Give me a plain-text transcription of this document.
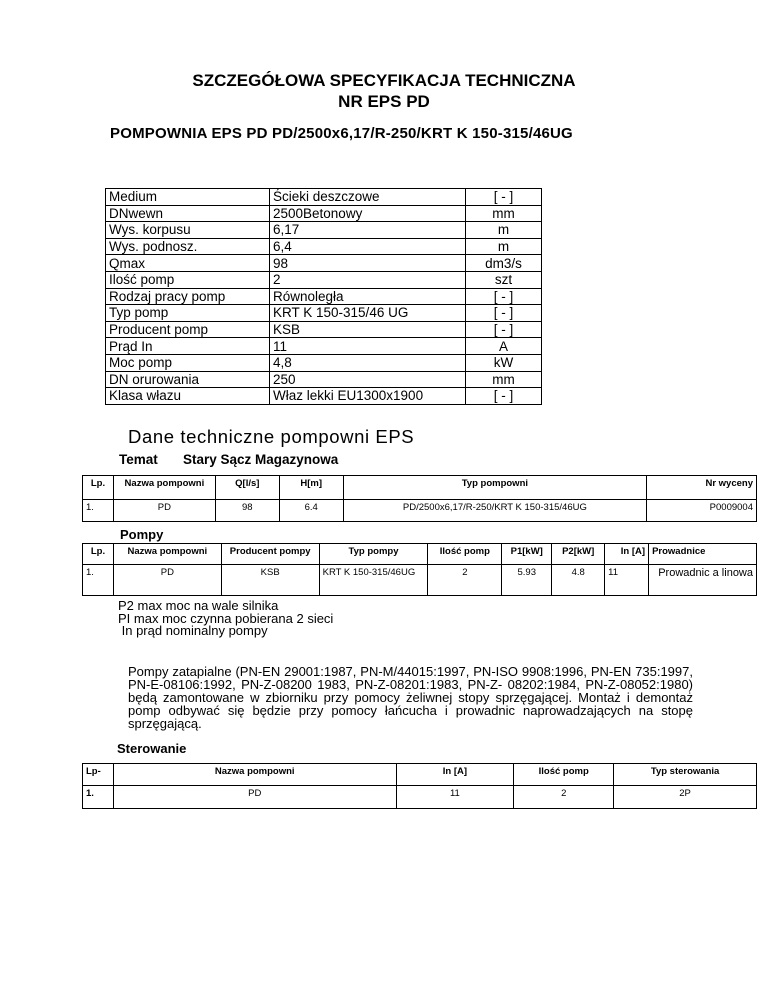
SZCZEGÓŁOWA SPECYFIKACJA TECHNICZNA
NR EPS PD
POMPOWNIA EPS PD PD/2500x6,17/R-250/KRT K 150-315/46UG
Medium	Ścieki deszczowe	[ - ]
DNwewn	2500Betonowy	mm
Wys. korpusu	6,17	m
Wys. podnosz.	6,4	m
Qmax	98	dm3/s
Ilość pomp	2	szt
Rodzaj pracy pomp	Równoległa	[ - ]
Typ pomp	KRT K 150-315/46 UG	[ - ]
Producent pomp	KSB	[ - ]
Prąd In	11	A
Moc pomp	4,8	kW
DN orurowania	250	mm
Klasa włazu	Właz lekki EU1300x1900	[ - ]
Dane techniczne pompowni EPS
Temat Stary Sącz Magazynowa
Lp.	Nazwa pompowni	Q[l/s]	H[m]	Typ pompowni	Nr wyceny
1.	PD	98	6.4	PD/2500x6,17/R-250/KRT K 150-315/46UG	P0009004
Pompy
Lp.	Nazwa pompowni	Producent pompy	Typ pompy	Ilość pomp	P1[kW]	P2[kW]	In [A]	Prowadnice
1.	PD	KSB	KRT K 150-315/46UG	2	5.93	4.8	11	Prowadnic a linowa
P2 max moc na wale silnika
PI max moc czynna pobierana 2 sieci
In prąd nominalny pompy
Pompy zatapialne (PN-EN 29001:1987, PN-M/44015:1997, PN-ISO 9908:1996, PN-EN 735:1997, PN-E-08106:1992, PN-Z-08200 1983, PN-Z-08201:1983, PN-Z- 08202:1984, PN-Z-08052:1980) będą zamontowane w zbiorniku przy pomocy żeliwnej stopy sprzęgającej. Montaż i demontaż pomp odbywać się będzie przy pomocy łańcucha i prowadnic naprowadzających na stopę sprzęgającą.
Sterowanie
Lp-	Nazwa pompowni	In [A]	Ilość pomp	Typ sterowania
1.	PD	11	2	2P
